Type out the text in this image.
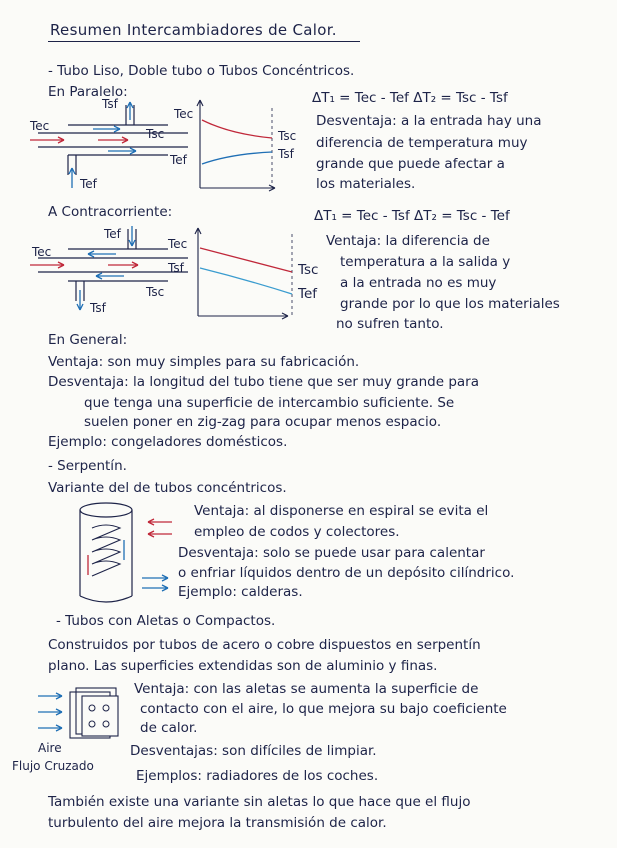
Resumen Intercambiadores de Calor.
- Tubo Liso, Doble tubo o Tubos Concéntricos.
En Paralelo:	ΔT₁ = Tec - Tef ΔT₂ = Tsc - Tsf
Desventaja: a la entrada hay una
diferencia de temperatura muy
grande que puede afectar a
los materiales.
Tsf
Tec
Tsc
Tef
Tec
Tef
Tsc
Tsf
A Contracorriente:	ΔT₁ = Tec - Tsf ΔT₂ = Tsc - Tef
Ventaja: la diferencia de
temperatura a la salida y
a la entrada no es muy
grande por lo que los materiales
no sufren tanto.
Tef
Tec
Tsc
Tsf
Tec
Tsf	Tsc
Tef
En General:
Ventaja: son muy simples para su fabricación.
Desventaja: la longitud del tubo tiene que ser muy grande para
que tenga una superficie de intercambio suficiente. Se
suelen poner en zig-zag para ocupar menos espacio.
Ejemplo: congeladores domésticos.
- Serpentín.
Variante del de tubos concéntricos.
Ventaja: al disponerse en espiral se evita el
empleo de codos y colectores.
Desventaja: solo se puede usar para calentar
o enfriar líquidos dentro de un depósito cilíndrico.
Ejemplo: calderas.
- Tubos con Aletas o Compactos.
Construidos por tubos de acero o cobre dispuestos en serpentín
plano. Las superficies extendidas son de aluminio y finas.
Ventaja: con las aletas se aumenta la superficie de
contacto con el aire, lo que mejora su bajo coeficiente
de calor.
Desventajas: son difíciles de limpiar.
Ejemplos: radiadores de los coches.
Aire
Flujo Cruzado
También existe una variante sin aletas lo que hace que el flujo
turbulento del aire mejora la transmisión de calor.
